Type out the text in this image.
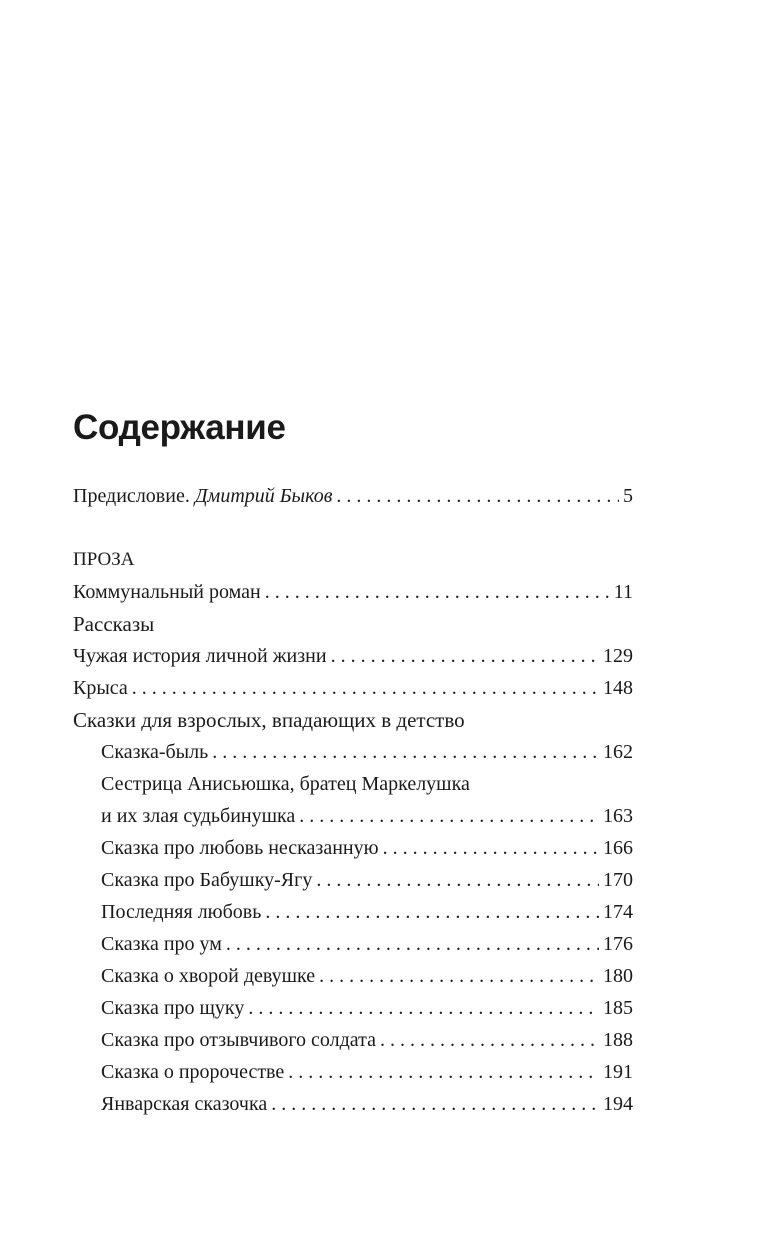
Содержание
Предисловие. Дмитрий Быков . . .	5
ПРОЗА
Коммунальный роман . . .	11
Рассказы
Чужая история личной жизни . . .	129
Крыса . . .	148
Сказки для взрослых, впадающих в детство
Сказка-быль . . .	162
Сестрица Анисьюшка, братец Маркелушка
и их злая судьбинушка . . .	163
Сказка про любовь несказанную . . .	166
Сказка про Бабушку-Ягу . . .	170
Последняя любовь . . .	174
Сказка про ум . . .	176
Сказка о хворой девушке . . .	180
Сказка про щуку . . .	185
Сказка про отзывчивого солдата . . .	188
Сказка о пророчестве . . .	191
Январская сказочка . . .	194
